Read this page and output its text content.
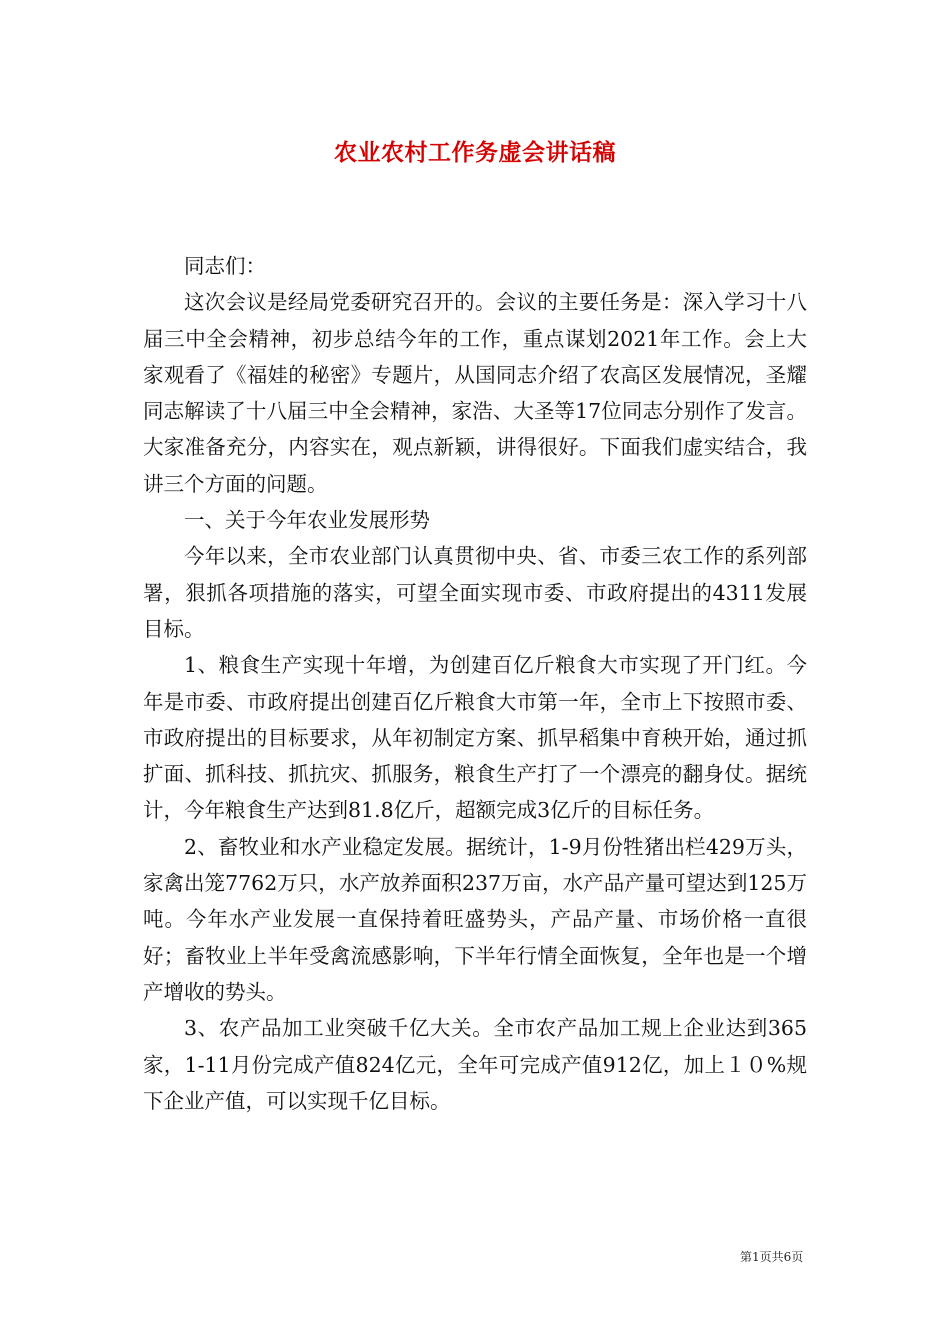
农业农村工作务虚会讲话稿

同志们：

这次会议是经局党委研究召开的。会议的主要任务是：深入学习十八届三中全会精神，初步总结今年的工作，重点谋划2021年工作。会上大家观看了《福娃的秘密》专题片，从国同志介绍了农高区发展情况，圣耀同志解读了十八届三中全会精神，家浩、大圣等17位同志分别作了发言。大家准备充分，内容实在，观点新颖，讲得很好。下面我们虚实结合，我讲三个方面的问题。

一、关于今年农业发展形势

今年以来，全市农业部门认真贯彻中央、省、市委三农工作的系列部署，狠抓各项措施的落实，可望全面实现市委、市政府提出的4311发展目标。

1、粮食生产实现十年增，为创建百亿斤粮食大市实现了开门红。今年是市委、市政府提出创建百亿斤粮食大市第一年，全市上下按照市委、市政府提出的目标要求，从年初制定方案、抓早稻集中育秧开始，通过抓扩面、抓科技、抓抗灾、抓服务，粮食生产打了一个漂亮的翻身仗。据统计，今年粮食生产达到81.8亿斤，超额完成3亿斤的目标任务。

2、畜牧业和水产业稳定发展。据统计，1-9月份牲猪出栏429万头，家禽出笼7762万只，水产放养面积237万亩，水产品产量可望达到125万吨。今年水产业发展一直保持着旺盛势头，产品产量、市场价格一直很好；畜牧业上半年受禽流感影响，下半年行情全面恢复，全年也是一个增产增收的势头。

3、农产品加工业突破千亿大关。全市农产品加工规上企业达到365家，1-11月份完成产值824亿元，全年可完成产值912亿，加上１０%规下企业产值，可以实现千亿目标。

第1页共6页
